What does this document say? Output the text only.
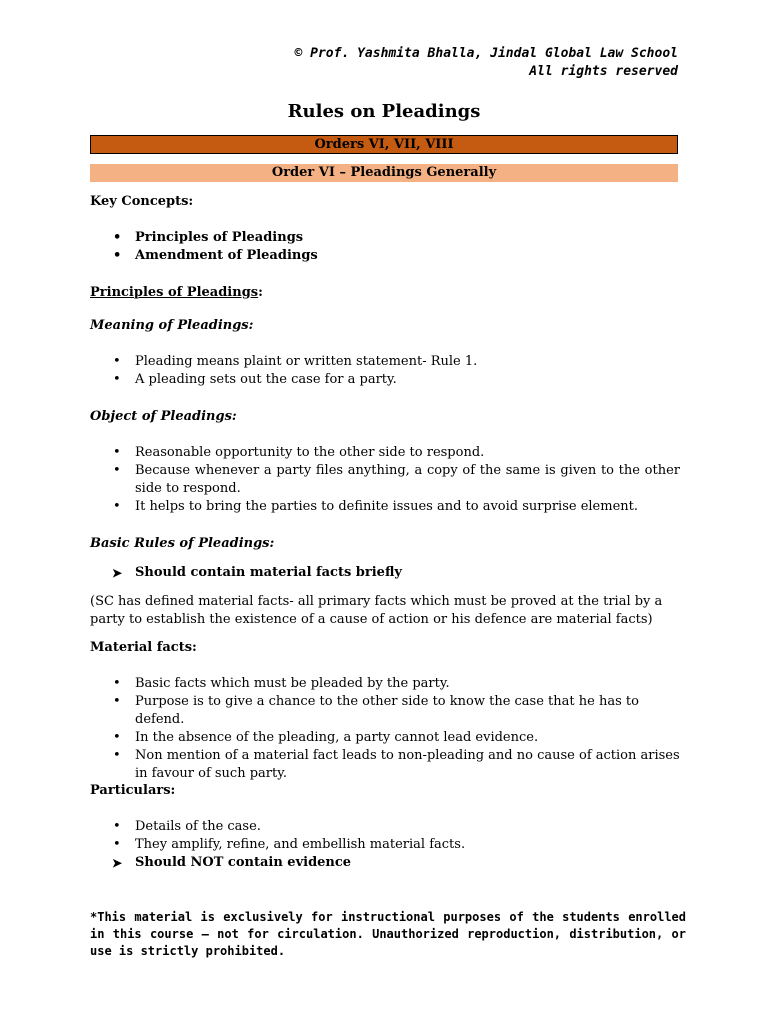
© Prof. Yashmita Bhalla, Jindal Global Law School
All rights reserved
Rules on Pleadings
Orders VI, VII, VIII
Order VI – Pleadings Generally
Key Concepts:
• Principles of Pleadings
• Amendment of Pleadings
Principles of Pleadings:
Meaning of Pleadings:
• Pleading means plaint or written statement- Rule 1.
• A pleading sets out the case for a party.
Object of Pleadings:
• Reasonable opportunity to the other side to respond.
• Because whenever a party files anything, a copy of the same is given to the other side to respond.
• It helps to bring the parties to definite issues and to avoid surprise element.
Basic Rules of Pleadings:
➤ Should contain material facts briefly
(SC has defined material facts- all primary facts which must be proved at the trial by a party to establish the existence of a cause of action or his defence are material facts)
Material facts:
• Basic facts which must be pleaded by the party.
• Purpose is to give a chance to the other side to know the case that he has to defend.
• In the absence of the pleading, a party cannot lead evidence.
• Non mention of a material fact leads to non-pleading and no cause of action arises in favour of such party.
Particulars:
• Details of the case.
• They amplify, refine, and embellish material facts.
➤ Should NOT contain evidence
*This material is exclusively for instructional purposes of the students enrolled in this course – not for circulation. Unauthorized reproduction, distribution, or use is strictly prohibited.
